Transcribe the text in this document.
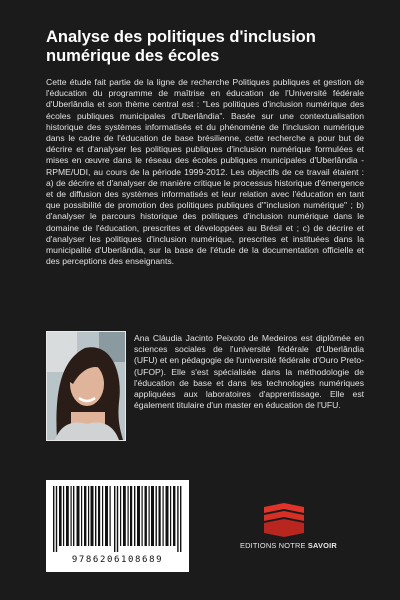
Analyse des politiques d'inclusion numérique des écoles

Cette étude fait partie de la ligne de recherche Politiques publiques et gestion de l'éducation du programme de maîtrise en éducation de l'Université fédérale d'Uberlândia et son thème central est : "Les politiques d'inclusion numérique des écoles publiques municipales d'Uberlândia". Basée sur une contextualisation historique des systèmes informatisés et du phénomène de l'inclusion numérique dans le cadre de l'éducation de base brésilienne, cette recherche a pour but de décrire et d'analyser les politiques publiques d'inclusion numérique formulées et mises en œuvre dans le réseau des écoles publiques municipales d'Uberlândia - RPME/UDI, au cours de la période 1999-2012. Les objectifs de ce travail étaient : a) de décrire et d'analyser de manière critique le processus historique d'émergence et de diffusion des systèmes informatisés et leur relation avec l'éducation en tant que possibilité de promotion des politiques publiques d'"inclusion numérique" ; b) d'analyser le parcours historique des politiques d'inclusion numérique dans le domaine de l'éducation, prescrites et développées au Brésil et ; c) de décrire et d'analyser les politiques d'inclusion numérique, prescrites et instituées dans la municipalité d'Uberlândia, sur la base de l'étude de la documentation officielle et des perceptions des enseignants.

Ana Cláudia Jacinto Peixoto de Medeiros est diplômée en sciences sociales de l'université fédérale d'Uberlândia (UFU) et en pédagogie de l'université fédérale d'Ouro Preto- (UFOP). Elle s'est spécialisée dans la méthodologie de l'éducation de base et dans les technologies numériques appliquées aux laboratoires d'apprentissage. Elle est également titulaire d'un master en éducation de l'UFU.

9786206108689
EDITIONS NOTRE SAVOIR
